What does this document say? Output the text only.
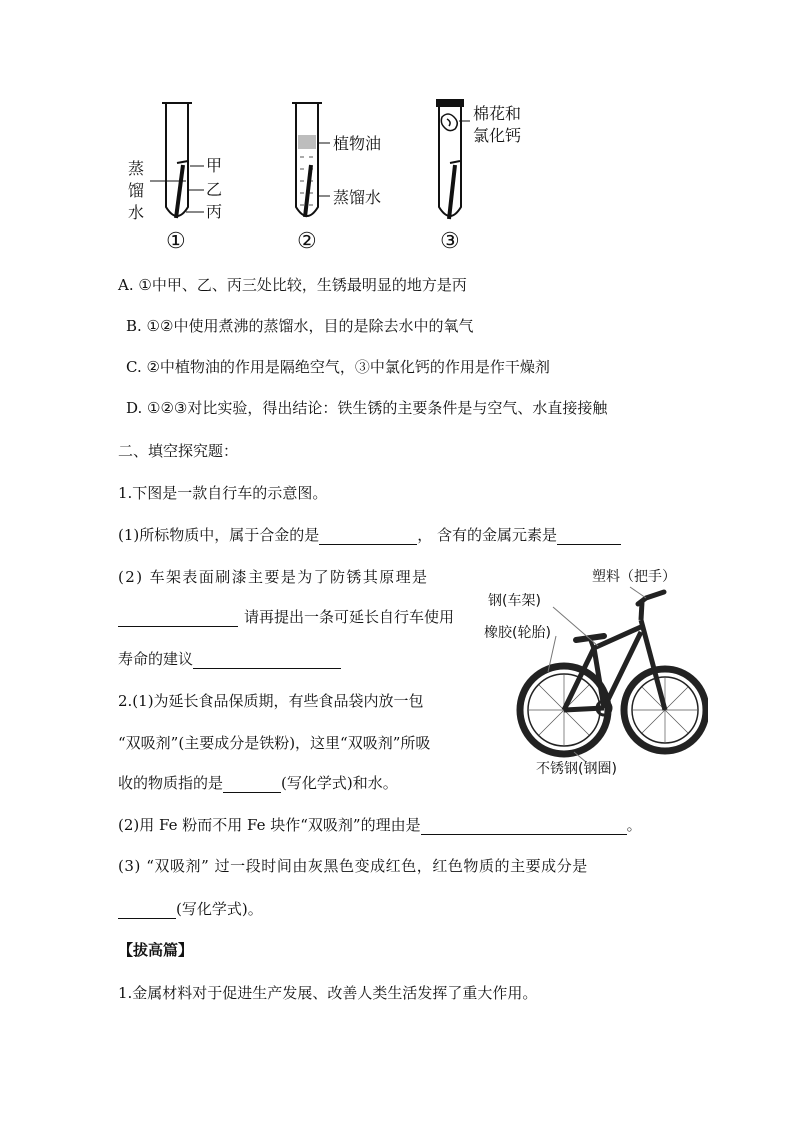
蒸
馏
水
甲
乙
丙
①
植物油
蒸馏水
②
棉花和
氯化钙
③
A. ①中甲、乙、丙三处比较，生锈最明显的地方是丙
B. ①②中使用煮沸的蒸馏水，目的是除去水中的氧气
C. ②中植物油的作用是隔绝空气，③中氯化钙的作用是作干燥剂
D. ①②③对比实验，得出结论：铁生锈的主要条件是与空气、水直接接触
二、填空探究题：
1.下图是一款自行车的示意图。
(1)所标物质中，属于合金的是	， 含有的金属元素是
(2) 车架表面刷漆主要是为了防锈其原理是
请再提出一条可延长自行车使用
寿命的建议
塑料（把手）
钢(车架)
橡胶(轮胎)
不锈钢(钢圈)
2.(1)为延长食品保质期，有些食品袋内放一包
“双吸剂”(主要成分是铁粉)，这里“双吸剂”所吸
收的物质指的是	(写化学式)和水。
(2)用 Fe 粉而不用 Fe 块作“双吸剂”的理由是	。
(3) “双吸剂” 过一段时间由灰黑色变成红色，红色物质的主要成分是
(写化学式)。
【拔高篇】
1.金属材料对于促进生产发展、改善人类生活发挥了重大作用。
